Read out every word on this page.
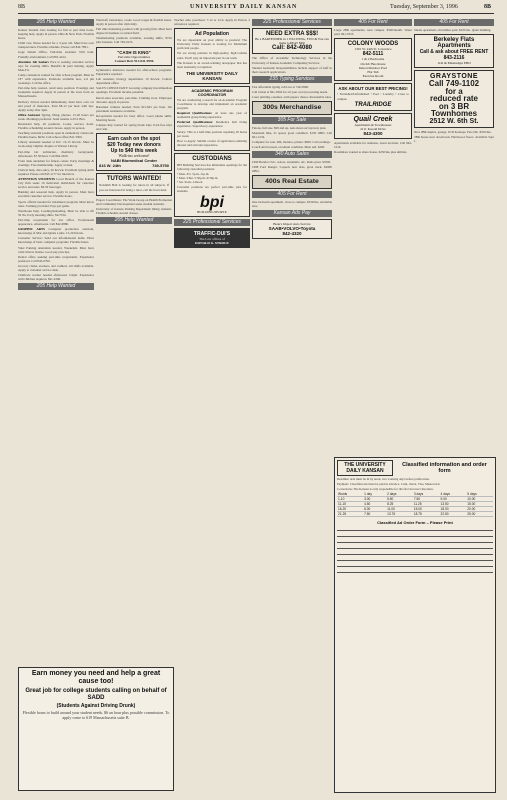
8B	UNIVERSITY DAILY KANSAN	Tuesday, September 3, 1996	8B
205 Help Wanted
Kansas Student Jobs looking for full or part time book-keeping help. Apply in person. Ohio & New York. Flexible hours.
Child care. Nurse needed for a 3-year old. Must have own transportation. Flexible schedule. Please call 842-7891.
Gage Dental Office, Full-time assistant. Will train. Friendly environment. Call 865-4412.
Attention Job Seekers Pace is seeking customer service reps for evening shifts. Benefits & paid training. Apply Mon-Fri.
Camp counselors wanted for after school program. Must be 18+ with experience. Positions available now, 2-6 pm weekdays. Call the office.
Part-time help wanted, retail sales position. Evenings and weekends required. Apply in person at the store front on Massachusetts.
Delivery drivers needed immediately, must have own car and proof of insurance. Earn $8-12 per hour with tips. Apply today after 4pm.
Office Assistant Typing, filing, phones. 15-20 hours per week. Mornings preferred. Send resume to P.O. Box.
Restaurant help, all positions. Cooks, servers, hosts. Flexible scheduling around classes. Apply in person.
Teaching assistant positions open in elementary classroom. Flexible hours, $6/hr. Call school office 841-3300.
Library Assistant needed at KU. 10-15 hrs/wk. Must be work-study eligible. Inquire at Watson Library.
Part-time lab technician, chemistry background. Afternoons. $7.50/hour. Call 864-2020.
Front desk attendant for fitness center. Early mornings & evenings. Free membership. Apply at desk.
Clerical help, data entry, 20 hrs/wk. Excellent typing skills required. Please call 843-1177 for interview.
ATTENTION STUDENTS Local Branch of the Kansas City firm seeks 10 motivated individuals for customer service and sales. $9.50 base/appt.
Banking and seasonal help. Apply in person. Must have excellent customer service. Flexible hours.
Sports official needed for intramural program. Must know rules. Training provided. Pays per game.
Warehouse help. Loading/unloading. Must be able to lift 50 lbs. Early morning shifts. $6.75/hr.
Part-time receptionist for law office. Professional appearance. Afternoons. Call 842-0880.
GRAPHIC ARTS Computer production assistant, knowledge of Mac and Quark a plus. 15-20 hrs/wk.
Customer Service: Send out informational items. Have knowledge of basic computer programs. Flexible hours.
Valet Parking attendants needed. Weekends. Must have valid drivers license. Good pay plus tips.
Dental office seeking part-time receptionist. Experience preferred. Call 843-6790.
Grocery clerks, stockers, and cashiers. All shifts available. Apply at customer service desk.
Childcare worker needed afternoons 3-6pm. Experience with children required. 841-2266.
205 Help Wanted
Waitstaff, bartenders, cooks. Good wages & flexible hours. Apply in person after 2pm daily.
Full time marketing position with growing firm. Must have degree in business or related field.
Telemarketing positions available, evening shifts, $7/hr plus bonuses. Call 749-0123.
"CASH IS KING"
Part-time Opportunities
Contact Bert 913-841-9996
Gymnastics instructor needed for after-school programs. Experience required.
Lab assistant, biology department. 10 hrs/wk. Contact department office.
SALES CONSULTANT: Growing company has immediate openings. Excellent income potential.
Retail sales associate, part-time. Clothing store. Employee discount. Apply in person.
Bartender trainees needed. Earn $15-$25 per hour. Job placement assistance available.
Receptionist needed for busy office. Good phone skills. Morning hours.
Campus Rep wanted for spring break trips. Earn free trips and cash.
Earn cash on the spot
$20 Today new donors
Up to $40 this week
Walk-ins welcome!
NABI Biomedical Center
816 W. 24th	749-5750
TUTORS WANTED!
Naismith Hall is looking for tutors in all subjects. If you are interested in being a tutor, call the front desk.
Project Coordinator. The Work Group on Health Promotion and Community Development seeks student assistant.
University of Kansas Parking Department hiring students. Flexible schedule around classes.
205 Help Wanted
Teacher aide, preschool. 7-12 or 12-6. Apply in Person. 2 references required.
Ad Population
We are dependent on your ability to produce! The University Daily Kansan is looking for Maximum proficient people.
We are strong partners in high-quality, high-volume sales. You'll play an important part in our team.
The Kansan is an award-winning newspaper that has been nationally recognized.
THE UNIVERSITY DAILY KANSAN
ACADEMIC PROGRAM COORDINATOR
We are conducting a search for an Academic Program Coordinator to develop and implement an academic program.
Required Qualifications: At least one year of residential group living experience.
Preferred Qualifications: Residence hall living experience. Supervisory experience.
Salary: This is a half-time position requiring 20 hours per week.
How to Apply: Submit a letter of application outlining interest and relevant experience.
CUSTODIANS
BPI Building Services has immediate openings for the following custodial positions:
• Mon.-Fri. 5p.m.-11p.m.
• Mon.-Thur. 5:30p.m.-9:30p.m.
• Sat. 9a.m.-12noon
Custodial positions are perfect part-time jobs for students.
bpi
BUILDING PEOPLE
225 Professional Services
TRAFFIC-DUI'S
The Law offices of
DONALD G. STROLE
225 Professional Services
NEED EXTRA $$$!
Be a BARTENDER in 1 EXCITING, FUN & You can make GREAT $$$!
Call: 842-4080
The Office of Academic Technology Services in the University of Kansas Academic Computing Services.
Student Assistant: Responsibilities include support of staff in their research applications.
235 Typing Services
Fast affordable typing call Lisa at 749-5868.
Call Jackie at 841-3904 for all your word processing needs.
Laser printing, resumes, term papers, theses. Reasonable rates.
300s Merchandise
305 For Sale
Futons, full size. $99 and up. Ask about our layaway plan.
Mountain bike, 21 speed, good condition. $150 OBO. Call 841-1234.
Computer for sale. 486, monitor, printer. $600. Call evenings.
Couch and loveseat, excellent condition. Must sell. $200.
340 Auto Sales
1990 Honda Civic. 4-door, automatic, AC. Runs great. $3500.
1988 Ford Ranger, 5-speed, new tires, great truck. $2800 OBO.
400s Real Estate
405 For Rent
One bedroom apartment, close to campus. $350/mo. Available now.
Kansan Ads Pay
Beau's Import Auto Service
SAAB•VOLVO•Toyota
842-4320
405 For Rent
Large 2BR apartments, near campus. $500/month. Water paid. 841-5555.
COLONY WOODS
1301 W. 24th St. Lawrence
842-5111
1 & 2 Bedrooms
On KU Bus Route
Indoor/Outdoor Pool
Hot Tub
Exercise Room
ASK ABOUT OUR BEST PRICING!
• Furnished/Unfurnished • Pool • Laundry • Close to campus
TRAILRIDGE
Quail Creek
Apartments & Townhouses
2111 Kasold Drive
843-4300
Apartments available for sublease. Great location. Call 842-1010.
Roommate wanted to share house. $250/mo plus utilities.
405 For Rent
Studio apartment, all utilities paid. $325/mo. Quiet building.
Berkeley Flats Apartments
Call & ask about FREE RENT
843-2116
11th & Mississippi EBO
GRAYSTONE
Call 749-1102
for a
reduced rate
on 3 BR
Townhomes
2512 W. 6th St.
Nice 2BR duplex, garage, W/D hookups. Pets OK. $550/mo.
3BR house near downtown. Hardwood floors. Available Sept 1.
THE UNIVERSITY DAILY KANSAN
Classified information and order form
Deadline: Ads must be in by noon, two working days before publication.
Payment: Classified ads must be paid in advance. Cash, check, Visa, Mastercard.
Corrections: The Kansan is only responsible for the first incorrect insertion.
Words	1 day	2 days	3 days	4 days	5 days
1-10	3.00	5.50	7.50	9.00	10.00
11-15	4.50	8.25	11.25	13.50	15.00
16-20	6.00	11.00	15.00	18.00	20.00
21-25	7.50	13.75	18.75	22.50	25.00
Classified Ad Order Form – Please Print
Earn money you need and help a great cause too!
Great job for college students calling on behalf of SADD
(Students Against Driving Drunk)
Flexible hours to build around your student needs. $6 an hour plus possible commission. To apply come to 619 Massachusetts suite B.
